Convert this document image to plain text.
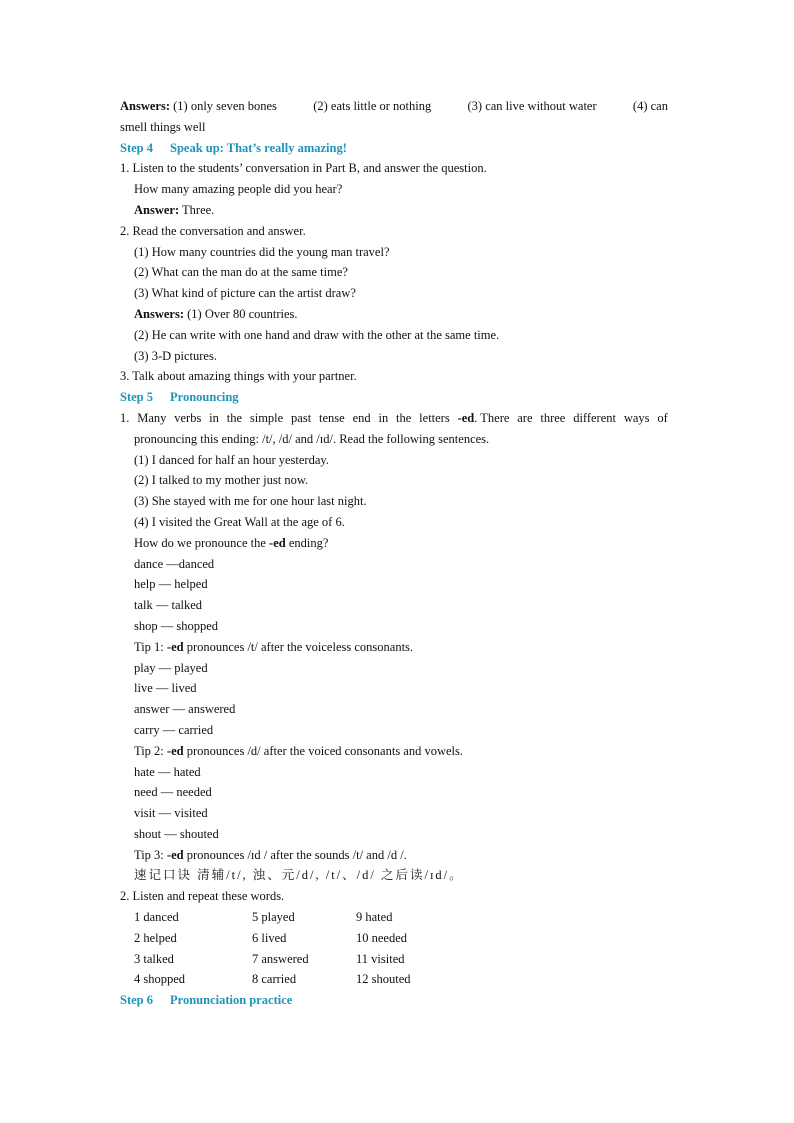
Answers: (1) only seven bones	(2) eats little or nothing	(3) can live without water	(4) can
smell things well
Step 4 Speak up: That’s really amazing!
1. Listen to the students’ conversation in Part B, and answer the question.
How many amazing people did you hear?
Answer: Three.
2. Read the conversation and answer.
(1) How many countries did the young man travel?
(2) What can the man do at the same time?
(3) What kind of picture can the artist draw?
Answers: (1) Over 80 countries.
(2) He can write with one hand and draw with the other at the same time.
(3) 3-D pictures.
3. Talk about amazing things with your partner.
Step 5 Pronouncing
1. Many verbs in the simple past tense end in the letters -ed. There are three different ways of
pronouncing this ending: /t/, /d/ and /ɪd/. Read the following sentences.
(1) I danced for half an hour yesterday.
(2) I talked to my mother just now.
(3) She stayed with me for one hour last night.
(4) I visited the Great Wall at the age of 6.
How do we pronounce the -ed ending?
dance —danced
help — helped
talk — talked
shop — shopped
Tip 1: -ed pronounces /t/ after the voiceless consonants.
play — played
live — lived
answer — answered
carry — carried
Tip 2: -ed pronounces /d/ after the voiced consonants and vowels.
hate — hated
need — needed
visit — visited
shout — shouted
Tip 3: -ed pronounces /ɪd / after the sounds /t/ and /d /.
速记口诀 清辅/t/, 浊、元/d/, /t/、/d/ 之后读/ɪd/。
2. Listen and repeat these words.
1 danced	5 played	9 hated
2 helped	6 lived	10 needed
3 talked	7 answered	11 visited
4 shopped	8 carried	12 shouted
Step 6 Pronunciation practice
